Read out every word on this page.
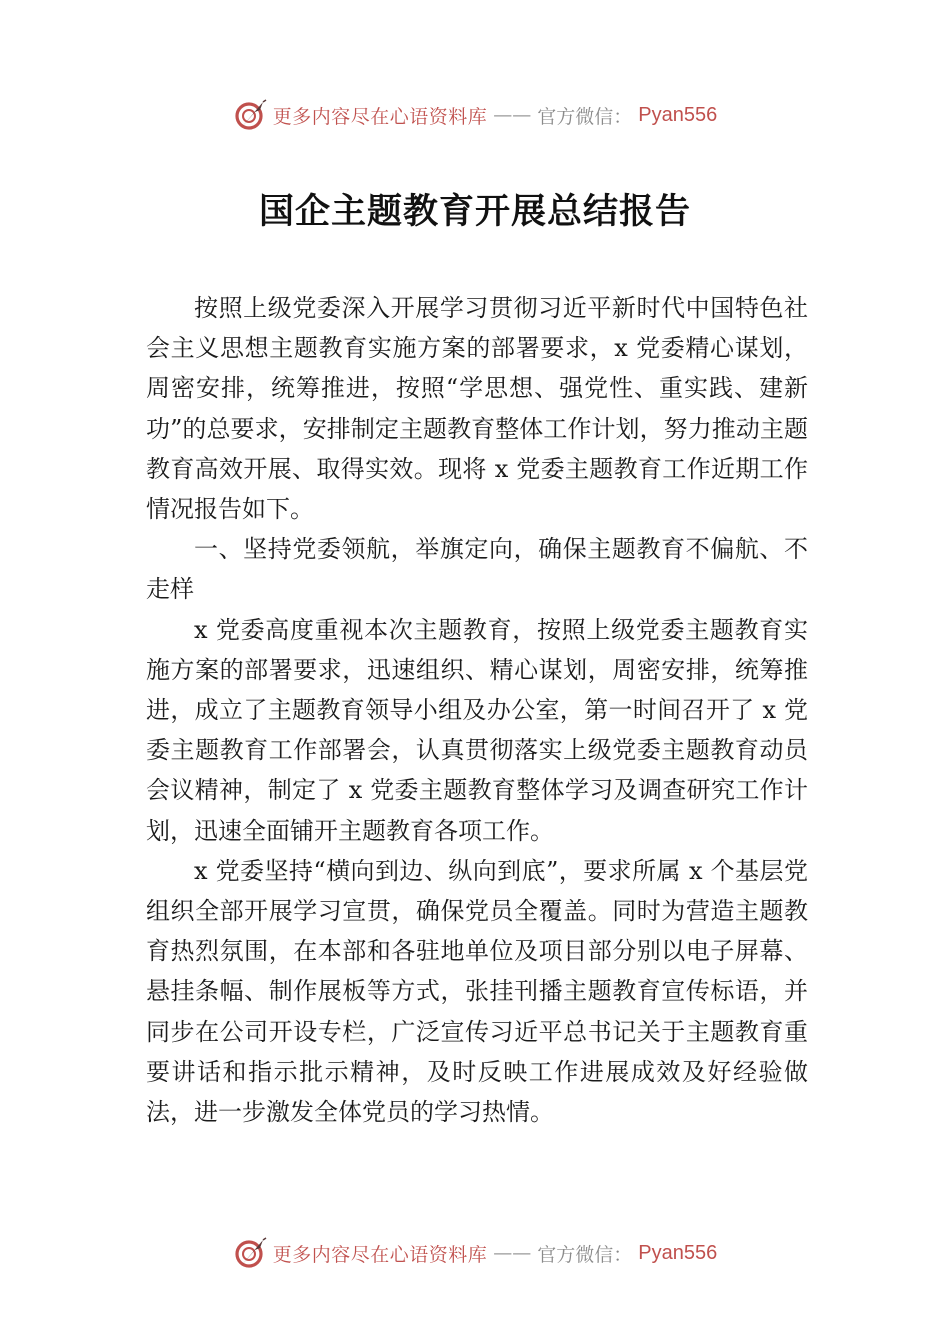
更多内容尽在心语资料库 —— 官方微信： Pyan556
国企主题教育开展总结报告

按照上级党委深入开展学习贯彻习近平新时代中国特色社会主义思想主题教育实施方案的部署要求，x 党委精心谋划，周密安排，统筹推进，按照“学思想、强党性、重实践、建新功”的总要求，安排制定主题教育整体工作计划，努力推动主题教育高效开展、取得实效。现将 x 党委主题教育工作近期工作情况报告如下。

一、坚持党委领航，举旗定向，确保主题教育不偏航、不走样

x 党委高度重视本次主题教育，按照上级党委主题教育实施方案的部署要求，迅速组织、精心谋划，周密安排，统筹推进，成立了主题教育领导小组及办公室，第一时间召开了 x 党委主题教育工作部署会，认真贯彻落实上级党委主题教育动员会议精神，制定了 x 党委主题教育整体学习及调查研究工作计划，迅速全面铺开主题教育各项工作。

x 党委坚持“横向到边、纵向到底”，要求所属 x 个基层党组织全部开展学习宣贯，确保党员全覆盖。同时为营造主题教育热烈氛围，在本部和各驻地单位及项目部分别以电子屏幕、悬挂条幅、制作展板等方式，张挂刊播主题教育宣传标语，并同步在公司开设专栏，广泛宣传习近平总书记关于主题教育重要讲话和指示批示精神，及时反映工作进展成效及好经验做法，进一步激发全体党员的学习热情。

更多内容尽在心语资料库 —— 官方微信： Pyan556
